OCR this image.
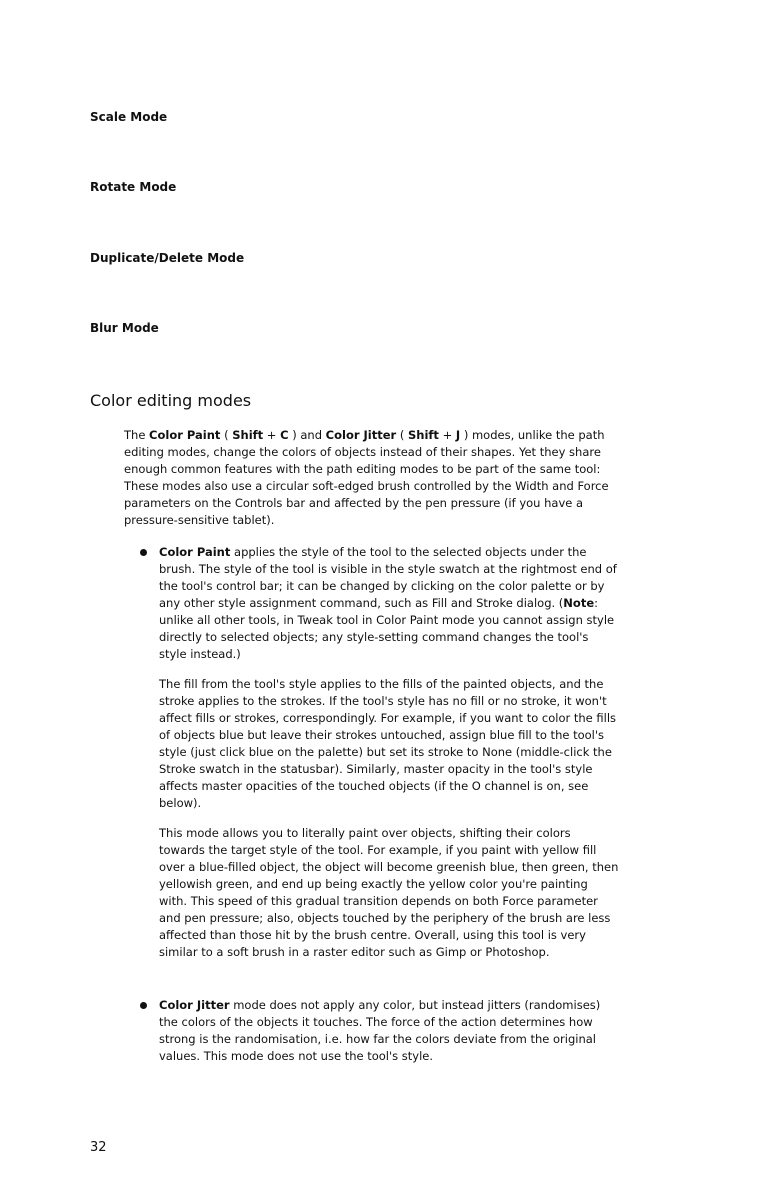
Scale Mode
Rotate Mode
Duplicate/Delete Mode
Blur Mode
Color editing modes

The Color Paint ( Shift + C ) and Color Jitter ( Shift + J ) modes, unlike the path editing modes, change the colors of objects instead of their shapes. Yet they share enough common features with the path editing modes to be part of the same tool: These modes also use a circular soft-edged brush controlled by the Width and Force parameters on the Controls bar and affected by the pen pressure (if you have a pressure-sensitive tablet).

Color Paint applies the style of the tool to the selected objects under the brush. The style of the tool is visible in the style swatch at the rightmost end of the tool's control bar; it can be changed by clicking on the color palette or by any other style assignment command, such as Fill and Stroke dialog. (Note: unlike all other tools, in Tweak tool in Color Paint mode you cannot assign style directly to selected objects; any style-setting command changes the tool's style instead.)

The fill from the tool's style applies to the fills of the painted objects, and the stroke applies to the strokes. If the tool's style has no fill or no stroke, it won't affect fills or strokes, correspondingly. For example, if you want to color the fills of objects blue but leave their strokes untouched, assign blue fill to the tool's style (just click blue on the palette) but set its stroke to None (middle-click the Stroke swatch in the statusbar). Similarly, master opacity in the tool's style affects master opacities of the touched objects (if the O channel is on, see below).

This mode allows you to literally paint over objects, shifting their colors towards the target style of the tool. For example, if you paint with yellow fill over a blue-filled object, the object will become greenish blue, then green, then yellowish green, and end up being exactly the yellow color you're painting with. This speed of this gradual transition depends on both Force parameter and pen pressure; also, objects touched by the periphery of the brush are less affected than those hit by the brush centre. Overall, using this tool is very similar to a soft brush in a raster editor such as Gimp or Photoshop.

Color Jitter mode does not apply any color, but instead jitters (randomises) the colors of the objects it touches. The force of the action determines how strong is the randomisation, i.e. how far the colors deviate from the original values. This mode does not use the tool's style.

32
